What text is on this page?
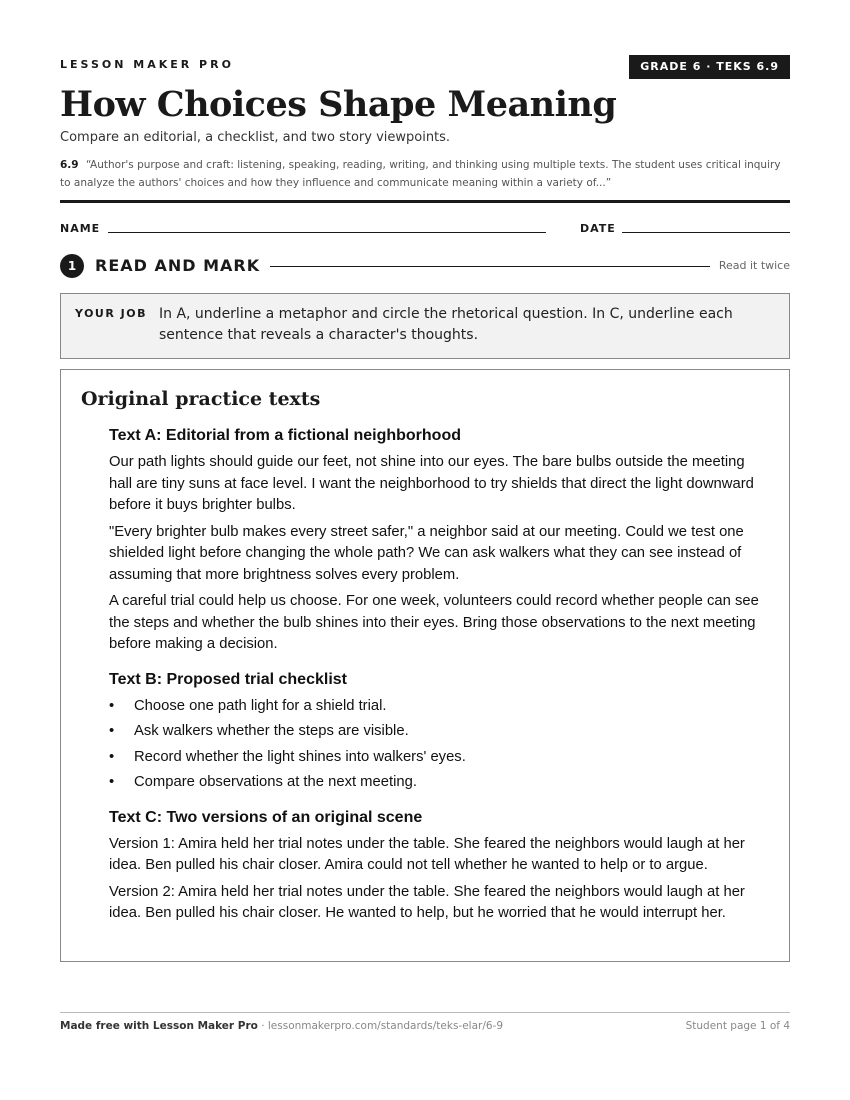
LESSON MAKER PRO	GRADE 6 · TEKS 6.9
How Choices Shape Meaning
Compare an editorial, a checklist, and two story viewpoints.
6.9 “Author's purpose and craft: listening, speaking, reading, writing, and thinking using multiple texts. The student uses critical inquiry to analyze the authors' choices and how they influence and communicate meaning within a variety of...”
NAME	DATE
1	READ AND MARK	Read it twice
YOUR JOB In A, underline a metaphor and circle the rhetorical question. In C, underline each sentence that reveals a character's thoughts.
Original practice texts
Text A: Editorial from a fictional neighborhood

Our path lights should guide our feet, not shine into our eyes. The bare bulbs outside the meeting hall are tiny suns at face level. I want the neighborhood to try shields that direct the light downward before it buys brighter bulbs.

"Every brighter bulb makes every street safer," a neighbor said at our meeting. Could we test one shielded light before changing the whole path? We can ask walkers what they can see instead of assuming that more brightness solves every problem.

A careful trial could help us choose. For one week, volunteers could record whether people can see the steps and whether the bulb shines into their eyes. Bring those observations to the next meeting before making a decision.

Text B: Proposed trial checklist
• Choose one path light for a shield trial.
• Ask walkers whether the steps are visible.
• Record whether the light shines into walkers' eyes.
• Compare observations at the next meeting.
Text C: Two versions of an original scene

Version 1: Amira held her trial notes under the table. She feared the neighbors would laugh at her idea. Ben pulled his chair closer. Amira could not tell whether he wanted to help or to argue.

Version 2: Amira held her trial notes under the table. She feared the neighbors would laugh at her idea. Ben pulled his chair closer. He wanted to help, but he worried that he would interrupt her.

Made free with Lesson Maker Pro · lessonmakerpro.com/standards/teks-elar/6-9	Student page 1 of 4
